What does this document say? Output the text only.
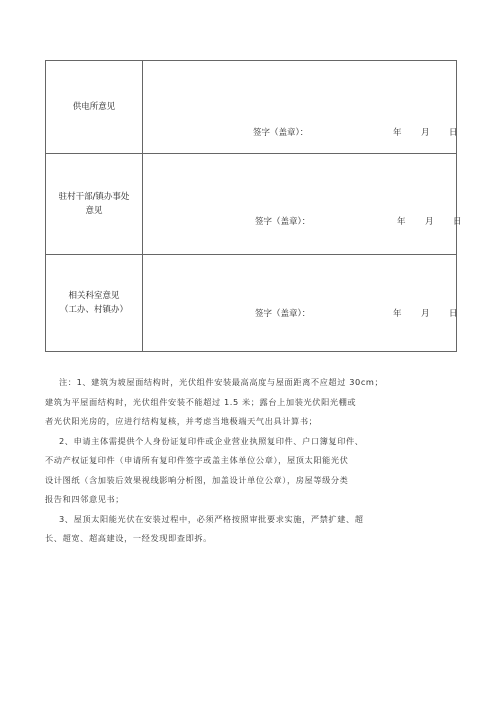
供电所意见	签字（盖章）： 年 月 日

驻村干部/镇办事处
意见	签字（盖章）： 年 月 日

相关科室意见
（工办、村镇办）	签字（盖章）： 年 月 日

注：1、建筑为坡屋面结构时，光伏组件安装最高高度与屋面距离不应超过 30cm；

建筑为平屋面结构时，光伏组件安装不能超过 1.5 米；露台上加装光伏阳光棚或

者光伏阳光房的，应进行结构复核，并考虑当地极端天气出具计算书；

2、申请主体需提供个人身份证复印件或企业营业执照复印件、户口簿复印件、

不动产权证复印件（申请所有复印件签字或盖主体单位公章），屋顶太阳能光伏

设计图纸（含加装后效果视线影响分析图，加盖设计单位公章），房屋等级分类

报告和四邻意见书；

3、屋顶太阳能光伏在安装过程中，必须严格按照审批要求实施，严禁扩建、超

长、超宽、超高建设，一经发现即查即拆。
